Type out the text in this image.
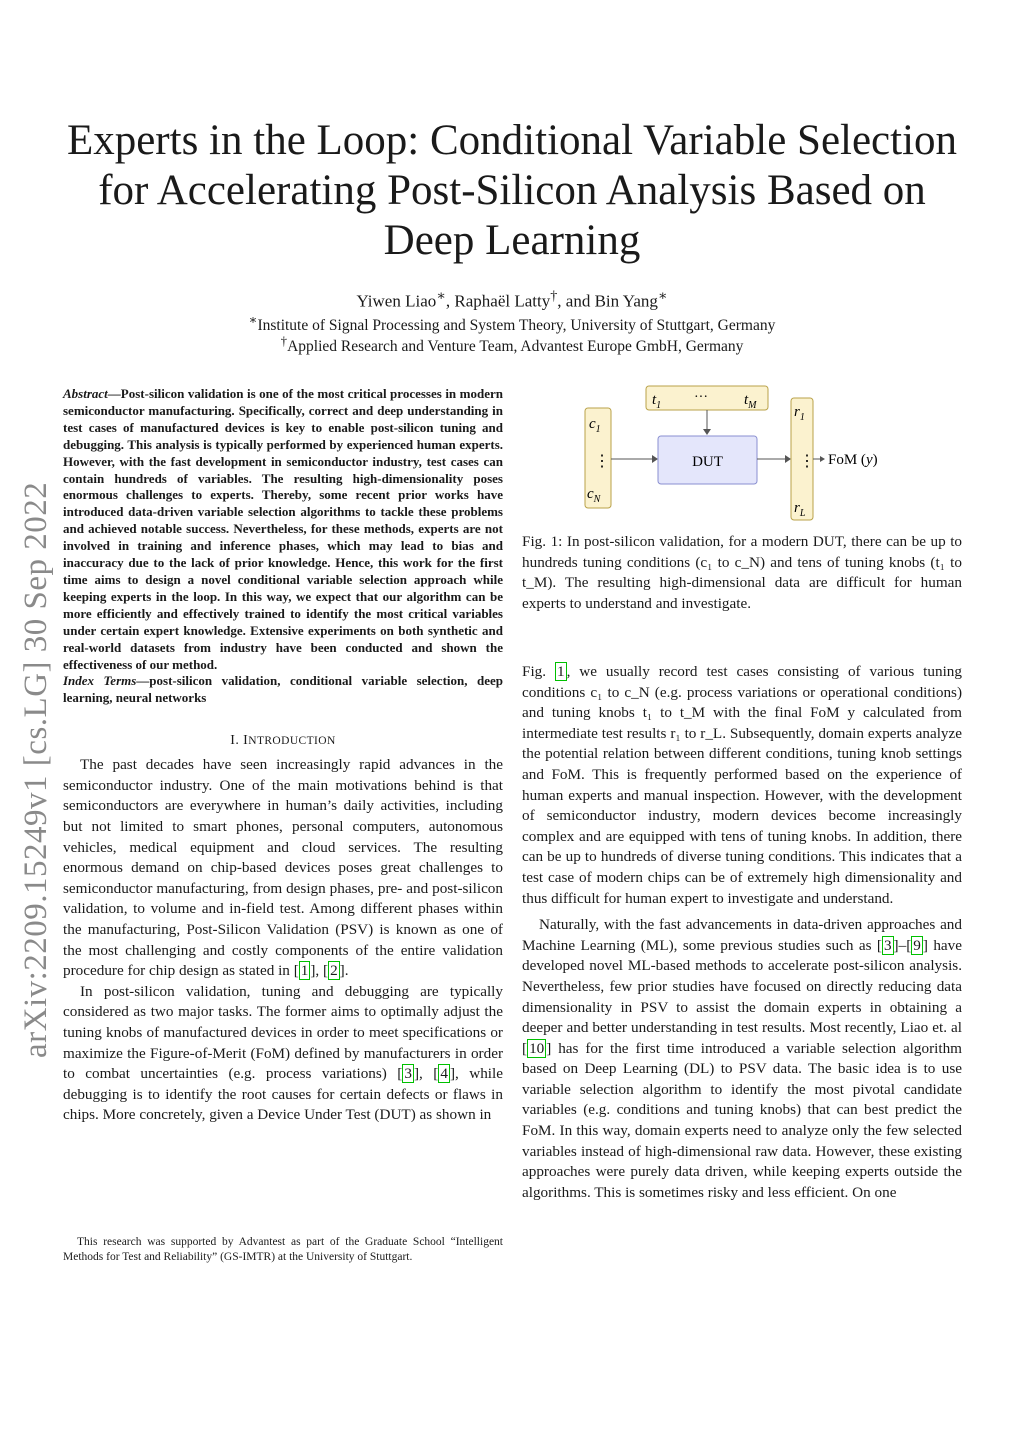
arXiv:2209.15249v1 [cs.LG] 30 Sep 2022
Experts in the Loop: Conditional Variable Selection
for Accelerating Post-Silicon Analysis Based on
Deep Learning
Yiwen Liao∗, Raphaël Latty†, and Bin Yang∗
∗Institute of Signal Processing and System Theory, University of Stuttgart, Germany
†Applied Research and Venture Team, Advantest Europe GmbH, Germany

Abstract—Post-silicon validation is one of the most critical processes in modern semiconductor manufacturing. Specifically, correct and deep understanding in test cases of manufactured devices is key to enable post-silicon tuning and debugging. This analysis is typically performed by experienced human experts. However, with the fast development in semiconductor industry, test cases can contain hundreds of variables. The resulting high-dimensionality poses enormous challenges to experts. Thereby, some recent prior works have introduced data-driven variable selection algorithms to tackle these problems and achieved notable success. Nevertheless, for these methods, experts are not involved in training and inference phases, which may lead to bias and inaccuracy due to the lack of prior knowledge. Hence, this work for the first time aims to design a novel conditional variable selection approach while keeping experts in the loop. In this way, we expect that our algorithm can be more efficiently and effectively trained to identify the most critical variables under certain expert knowledge. Extensive experiments on both synthetic and real-world datasets from industry have been conducted and shown the effectiveness of our method.

Index Terms—post-silicon validation, conditional variable selection, deep learning, neural networks

I. INTRODUCTION

The past decades have seen increasingly rapid advances in the semiconductor industry. One of the main motivations behind is that semiconductors are everywhere in human’s daily activities, including but not limited to smart phones, personal computers, autonomous vehicles, medical equipment and cloud services. The resulting enormous demand on chip-based devices poses great challenges to semiconductor manufacturing, from design phases, pre- and post-silicon validation, to volume and in-field test. Among different phases within the manufacturing, Post-Silicon Validation (PSV) is known as one of the most challenging and costly components of the entire validation procedure for chip design as stated in [ 1 ], [ 2 ].

In post-silicon validation, tuning and debugging are typically considered as two major tasks. The former aims to optimally adjust the tuning knobs of manufactured devices in order to meet specifications or maximize the Figure-of-Merit (FoM) defined by manufacturers in order to combat uncertainties (e.g. process variations) [ 3 ], [ 4 ], while debugging is to identify the root causes for certain defects or flaws in chips. More concretely, given a Device Under Test (DUT) as shown in

This research was supported by Advantest as part of the Graduate School “Intelligent Methods for Test and Reliability” (GS-IMTR) at the University of Stuttgart.

$t_1$
··· $t_M$
$c_1$
⋮
$c_N$
DUT
$r_1$
⋮
$r_L$
FoM (y)
Fig. 1: In post-silicon validation, for a modern DUT, there can be up to hundreds tuning conditions (c₁ to c_N) and tens of tuning knobs (t₁ to t_M). The resulting high-dimensional data are difficult for human experts to understand and investigate.

Fig. 1 , we usually record test cases consisting of various tuning conditions c₁ to c_N (e.g. process variations or operational conditions) and tuning knobs t₁ to t_M with the final FoM y calculated from intermediate test results r₁ to r_L. Subsequently, domain experts analyze the potential relation between different conditions, tuning knob settings and FoM. This is frequently performed based on the experience of human experts and manual inspection. However, with the development of semiconductor industry, modern devices become increasingly complex and are equipped with tens of tuning knobs. In addition, there can be up to hundreds of diverse tuning conditions. This indicates that a test case of modern chips can be of extremely high dimensionality and thus difficult for human expert to investigate and understand.

Naturally, with the fast advancements in data-driven approaches and Machine Learning (ML), some previous studies such as [ 3 ]–[ 9 ] have developed novel ML-based methods to accelerate post-silicon analysis. Nevertheless, few prior studies have focused on directly reducing data dimensionality in PSV to assist the domain experts in obtaining a deeper and better understanding in test results. Most recently, Liao et. al [ 10 ] has for the first time introduced a variable selection algorithm based on Deep Learning (DL) to PSV data. The basic idea is to use variable selection algorithm to identify the most pivotal candidate variables (e.g. conditions and tuning knobs) that can best predict the FoM. In this way, domain experts need to analyze only the few selected variables instead of high-dimensional raw data. However, these existing approaches were purely data driven, while keeping experts outside the algorithms. This is sometimes risky and less efficient. On one
